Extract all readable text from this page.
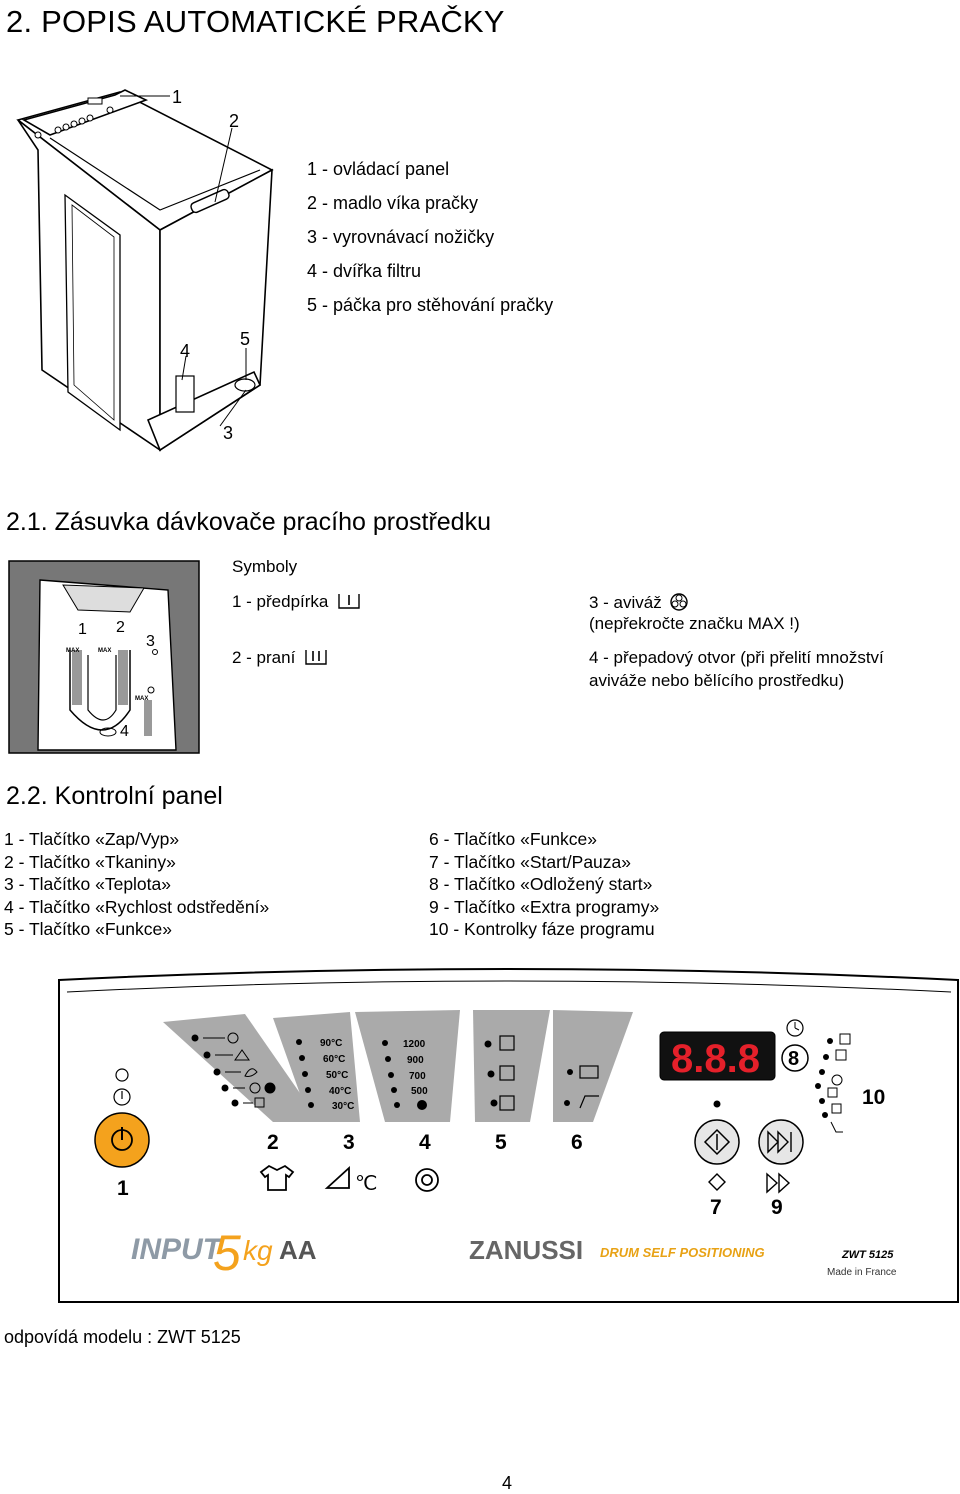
2. POPIS AUTOMATICKÉ PRAČKY
1
2
3
4
5
1 - ovládací panel
2 - madlo víka pračky
3 - vyrovnávací nožičky
4 - dvířka filtru
5 - páčka pro stěhování pračky
2.1. Zásuvka dávkovače pracího prostředku
1 2
3
4
MAX	MAX
MAX
Symboly
1 - předpírka
2 - praní
3 - aviváž
(nepřekročte značku MAX !)
4 - přepadový otvor (při přelití množství
aviváže nebo bělícího prostředku)
2.2. Kontrolní panel
1 - Tlačítko «Zap/Vyp»
2 - Tlačítko «Tkaniny»
3 - Tlačítko «Teplota»
4 - Tlačítko «Rychlost odstředění»
5 - Tlačítko «Funkce»
6 - Tlačítko «Funkce»
7 - Tlačítko «Start/Pauza»
8 - Tlačítko «Odložený start»
9 - Tlačítko «Extra programy»
10 - Kontrolky fáze programu
1
90°C
60°C
50°C
40°C
30°C
1200
900
700
500
2	3	4	5	6
℃
8.8.8 8
7 9
10
INPUT
5 kg AA	ZANUSSI DRUM SELF POSITIONING	ZWT 5125
Made in France
odpovídá modelu : ZWT 5125
4
